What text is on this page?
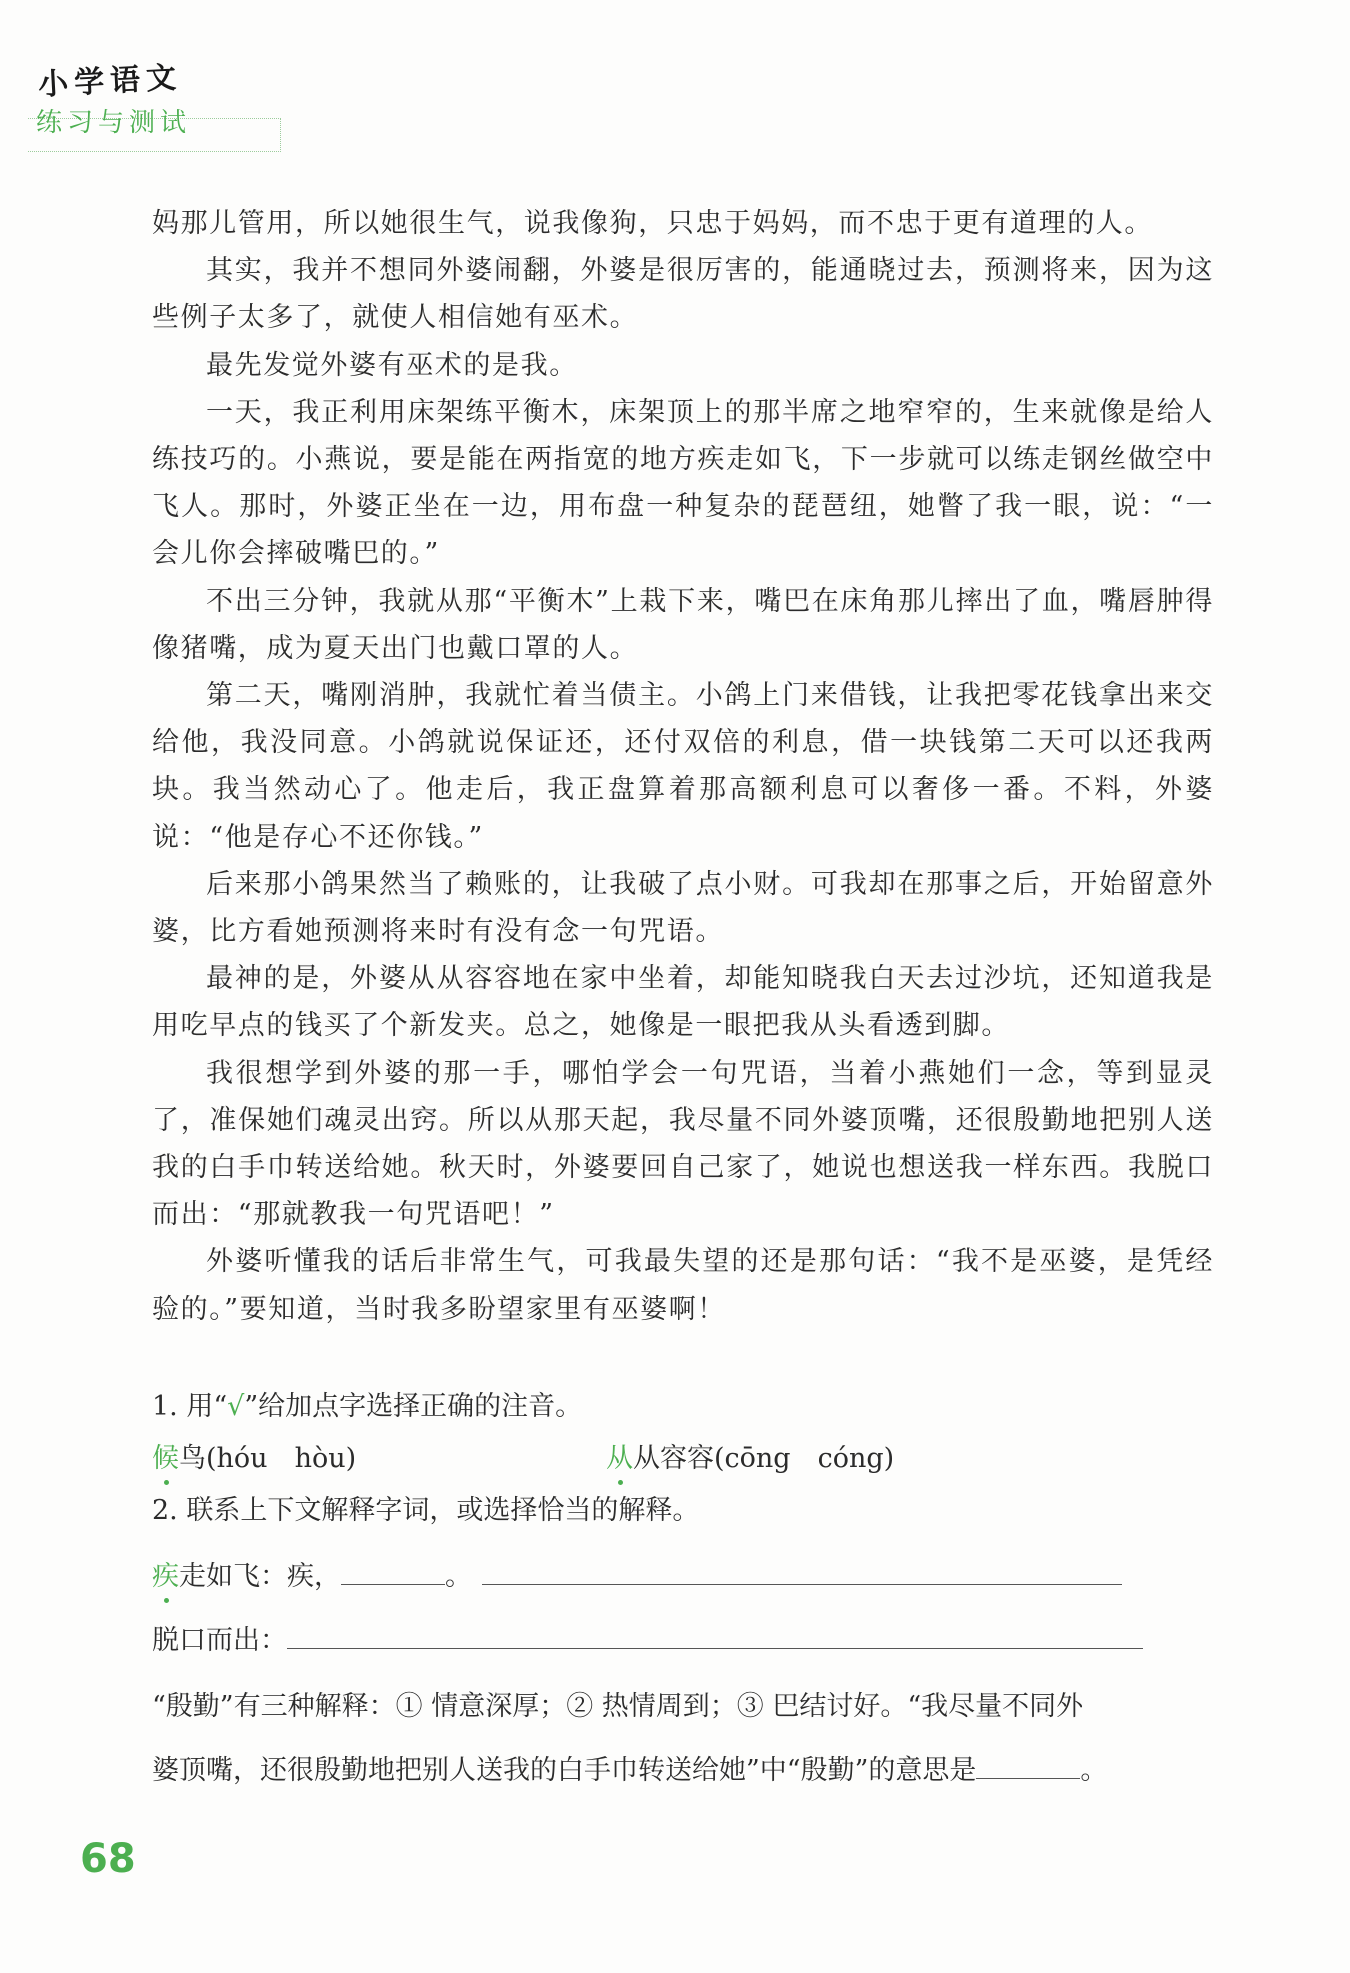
小学语文
练习与测试

妈那儿管用，所以她很生气，说我像狗，只忠于妈妈，而不忠于更有道理的人。

其实，我并不想同外婆闹翻，外婆是很厉害的，能通晓过去，预测将来，因为这些例子太多了，就使人相信她有巫术。

最先发觉外婆有巫术的是我。

一天，我正利用床架练平衡木，床架顶上的那半席之地窄窄的，生来就像是给人练技巧的。小燕说，要是能在两指宽的地方疾走如飞，下一步就可以练走钢丝做空中飞人。那时，外婆正坐在一边，用布盘一种复杂的琵琶纽，她瞥了我一眼，说：“一会儿你会摔破嘴巴的。”

不出三分钟，我就从那“平衡木”上栽下来，嘴巴在床角那儿摔出了血，嘴唇肿得像猪嘴，成为夏天出门也戴口罩的人。

第二天，嘴刚消肿，我就忙着当债主。小鸽上门来借钱，让我把零花钱拿出来交给他，我没同意。小鸽就说保证还，还付双倍的利息，借一块钱第二天可以还我两块。我当然动心了。他走后，我正盘算着那高额利息可以奢侈一番。不料，外婆说：“他是存心不还你钱。”

后来那小鸽果然当了赖账的，让我破了点小财。可我却在那事之后，开始留意外婆，比方看她预测将来时有没有念一句咒语。

最神的是，外婆从从容容地在家中坐着，却能知晓我白天去过沙坑，还知道我是用吃早点的钱买了个新发夹。总之，她像是一眼把我从头看透到脚。

我很想学到外婆的那一手，哪怕学会一句咒语，当着小燕她们一念，等到显灵了，准保她们魂灵出窍。所以从那天起，我尽量不同外婆顶嘴，还很殷勤地把别人送我的白手巾转送给她。秋天时，外婆要回自己家了，她说也想送我一样东西。我脱口而出：“那就教我一句咒语吧！”

外婆听懂我的话后非常生气，可我最失望的还是那句话：“我不是巫婆，是凭经验的。”要知道，当时我多盼望家里有巫婆啊！

1. 用“√”给加点字选择正确的注音。
候鸟(hóu　hòu)	从从容容(cōng　cóng)
2. 联系上下文解释字词，或选择恰当的解释。
疾走如飞：疾，	。
脱口而出：
“殷勤”有三种解释：① 情意深厚；② 热情周到；③ 巴结讨好。“我尽量不同外
婆顶嘴，还很殷勤地把别人送我的白手巾转送给她”中“殷勤”的意思是	。
68
